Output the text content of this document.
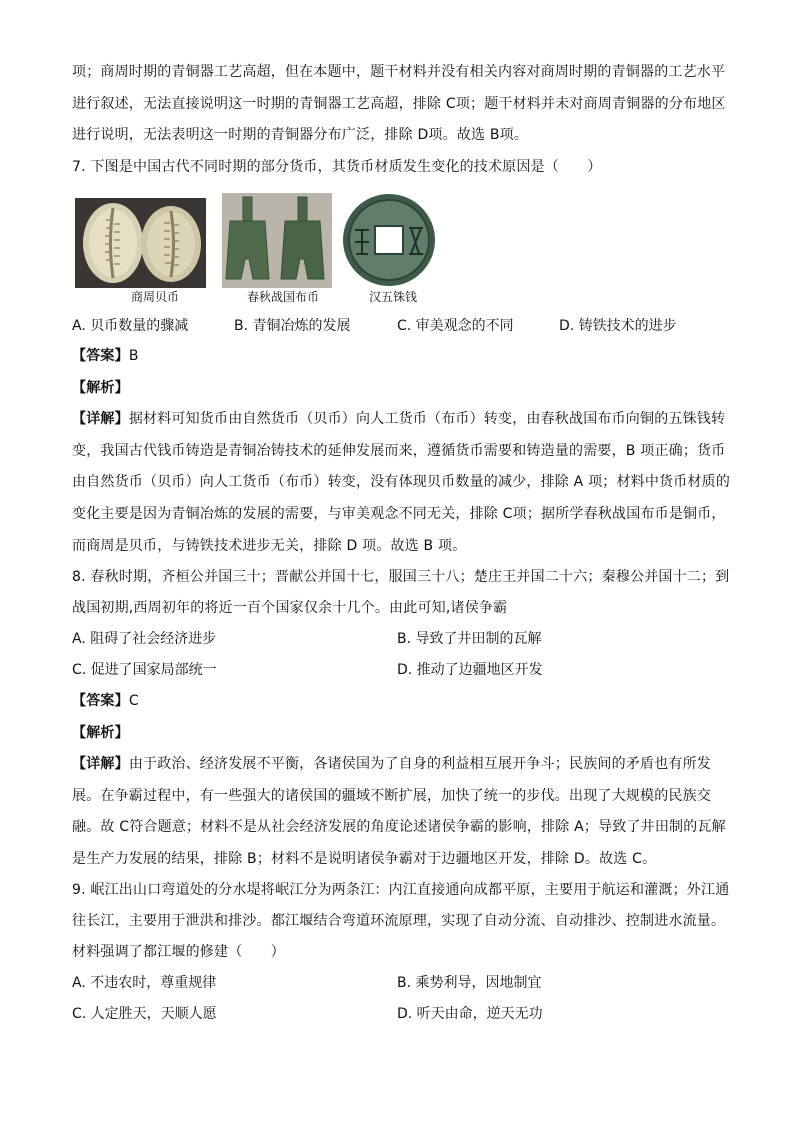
项；商周时期的青铜器工艺高超，但在本题中，题干材料并没有相关内容对商周时期的青铜器的工艺水平
进行叙述，无法直接说明这一时期的青铜器工艺高超，排除 C项；题干材料并未对商周青铜器的分布地区
进行说明，无法表明这一时期的青铜器分布广泛，排除 D项。故选 B项。
7. 下图是中国古代不同时期的部分货币，其货币材质发生变化的技术原因是（　　）
商周贝币	春秋战国布币	汉五铢钱
A. 贝币数量的骤减	B. 青铜冶炼的发展	C. 审美观念的不同	D. 铸铁技术的进步
【答案】B
【解析】
【详解】据材料可知货币由自然货币（贝币）向人工货币（布币）转变，由春秋战国布币向铜的五铢钱转
变，我国古代钱币铸造是青铜冶铸技术的延伸发展而来，遵循货币需要和铸造量的需要，B 项正确；货币
由自然货币（贝币）向人工货币（布币）转变，没有体现贝币数量的减少，排除 A 项；材料中货币材质的
变化主要是因为青铜冶炼的发展的需要，与审美观念不同无关，排除 C项；据所学春秋战国布币是铜币，
而商周是贝币，与铸铁技术进步无关，排除 D 项。故选 B 项。
8. 春秋时期，齐桓公并国三十；晋献公并国十七，服国三十八；楚庄王并国二十六；秦穆公并国十二；到
战国初期,西周初年的将近一百个国家仅余十几个。由此可知,诸侯争霸
A. 阻碍了社会经济进步	B. 导致了井田制的瓦解
C. 促进了国家局部统一	D. 推动了边疆地区开发
【答案】C
【解析】
【详解】由于政治、经济发展不平衡，各诸侯国为了自身的利益相互展开争斗；民族间的矛盾也有所发
展。在争霸过程中，有一些强大的诸侯国的疆域不断扩展，加快了统一的步伐。出现了大规模的民族交
融。故 C符合题意；材料不是从社会经济发展的角度论述诸侯争霸的影响，排除 A；导致了井田制的瓦解
是生产力发展的结果，排除 B；材料不是说明诸侯争霸对于边疆地区开发，排除 D。故选 C。
9. 岷江出山口弯道处的分水堤将岷江分为两条江：内江直接通向成都平原，主要用于航运和灌溉；外江通
往长江，主要用于泄洪和排沙。都江堰结合弯道环流原理，实现了自动分流、自动排沙、控制进水流量。
材料强调了都江堰的修建（　　）
A. 不违农时，尊重规律	B. 乘势利导，因地制宜
C. 人定胜天，天顺人愿	D. 听天由命，逆天无功
